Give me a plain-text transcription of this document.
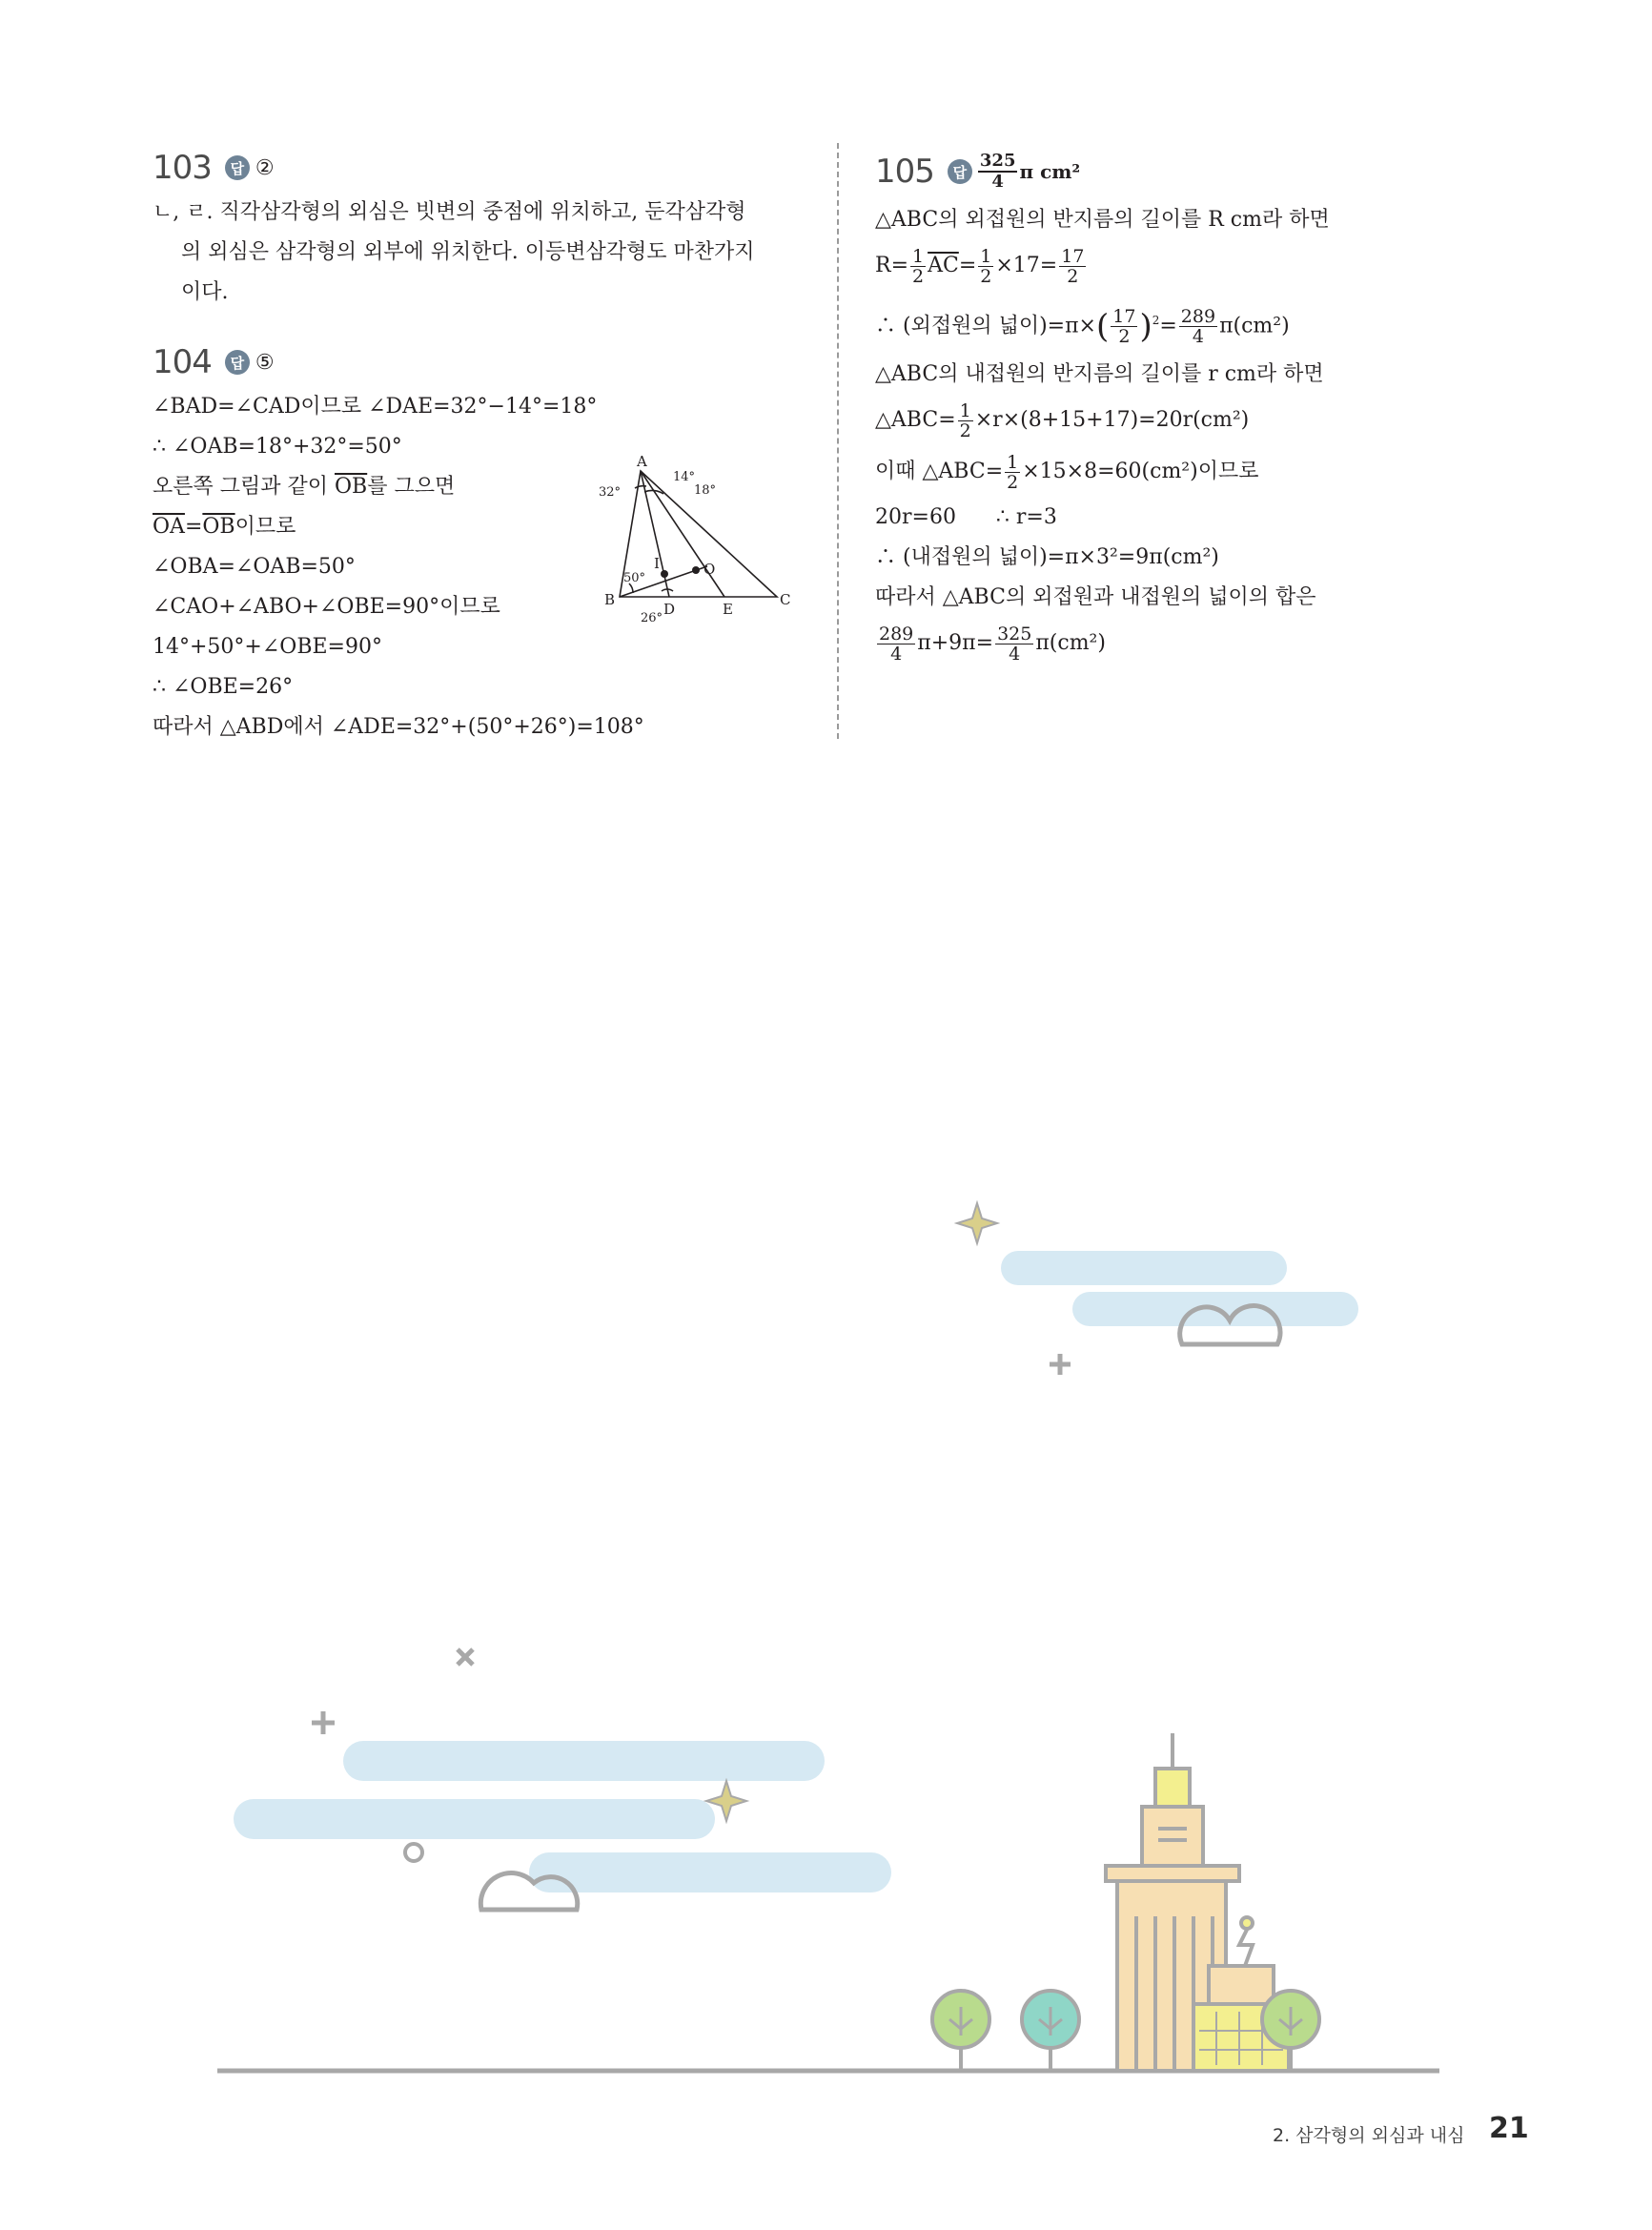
103	답 ②
ㄴ, ㄹ. 직각삼각형의 외심은 빗변의 중점에 위치하고, 둔각삼각형
의 외심은 삼각형의 외부에 위치한다. 이등변삼각형도 마찬가지
이다.
104	답 ⑤
∠BAD=∠CAD이므로 ∠DAE=32°−14°=18°
∴ ∠OAB=18°+32°=50°
오른쪽 그림과 같이 $\overline{OB}$를 그으면
$\overline{OA}=\overline{OB}$이므로
∠OBA=∠OAB=50°
∠CAO+∠ABO+∠OBE=90°이므로
14°+50°+∠OBE=90°
∴ ∠OBE=26°
따라서 △ABD에서 ∠ADE=32°+(50°+26°)=108°
A
B	C
D	E
I	O
32°
14°
18°
50°
26°
105	답 $\frac{325}{4}$ π cm²
△ABC의 외접원의 반지름의 길이를 R cm라 하면
$R= \frac{1}{2} \overline{AC}= \frac{1}{2} \times 17= \frac{17}{2}$
∴ (외접원의 넓이)$=\pi\times( \frac{17}{2} )^2= \frac{289}{4} \pi(cm^2)$
△ABC의 내접원의 반지름의 길이를 r cm라 하면
△ABC= $\frac{1}{2} \times r\times(8+15+17)=20r(cm^2)$
이때 △ABC= $\frac{1}{2} \times 15\times 8=60(cm^2)$이므로
20r=60      ∴ r=3
∴ (내접원의 넓이)=π×3²=9π(cm²)
따라서 △ABC의 외접원과 내접원의 넓이의 합은
$\frac{289}{4} \pi+9\pi= \frac{325}{4} \pi(cm^2)$
2. 삼각형의 외심과 내심 21
